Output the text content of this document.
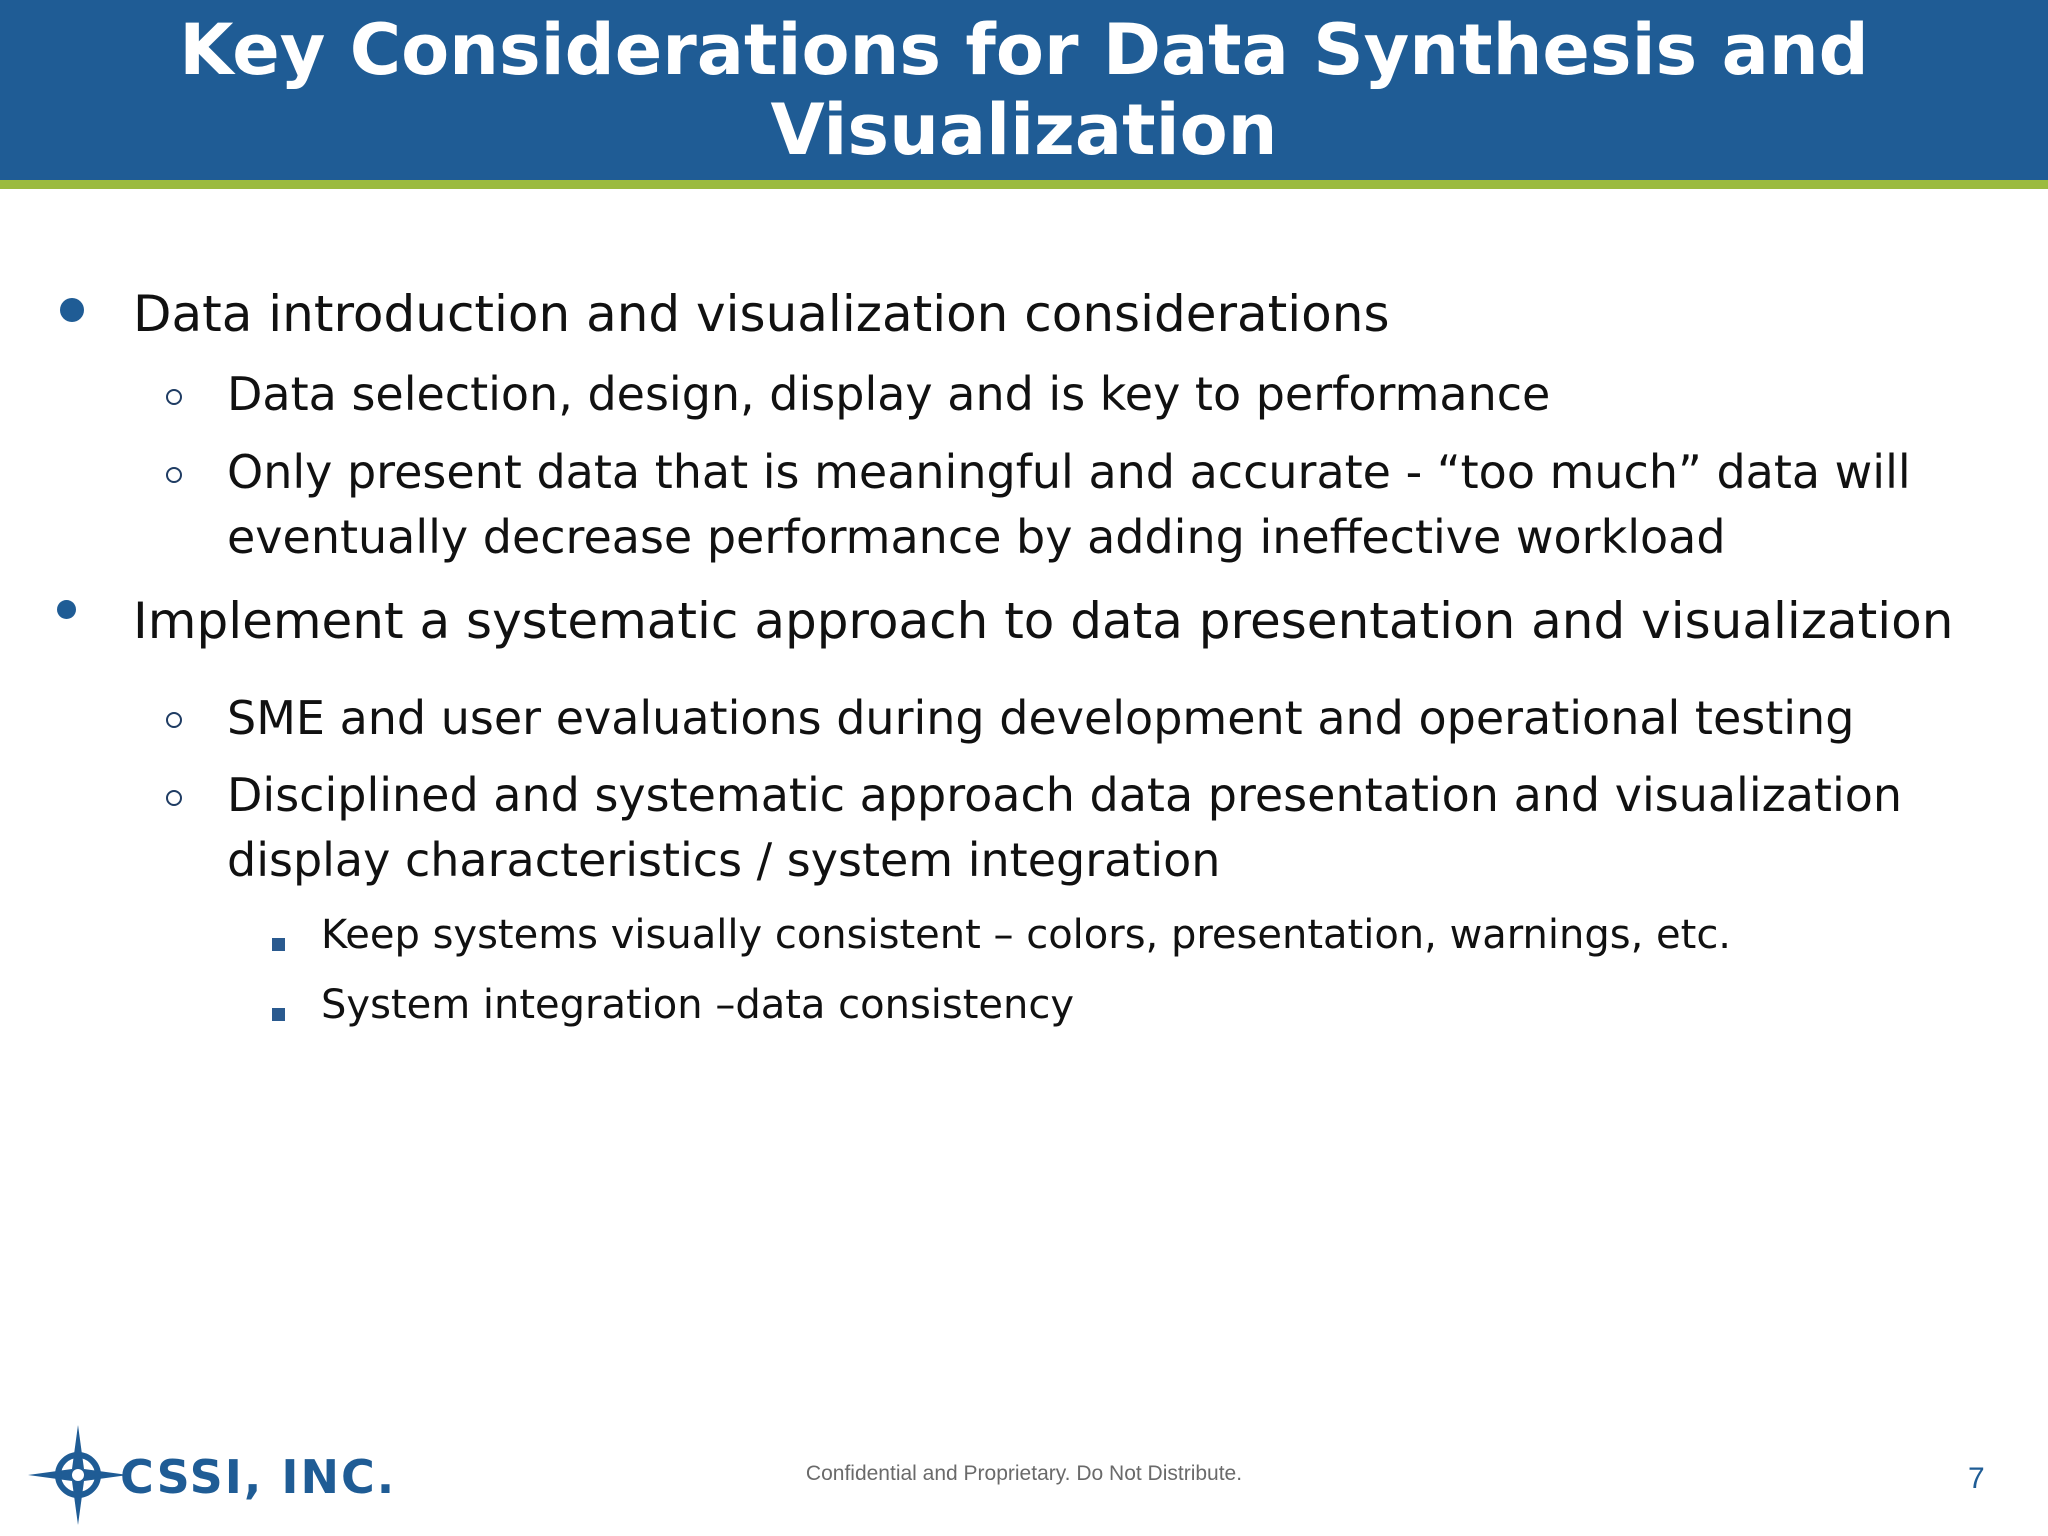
Key Considerations for Data Synthesis and Visualization
Data introduction and visualization considerations
Data selection, design, display and is key to performance
Only present data that is meaningful and accurate - “too much” data will eventually decrease performance by adding ineffective workload
Implement a systematic approach to data presentation and visualization
SME and user evaluations during development and operational testing
Disciplined and systematic approach data presentation and visualization display characteristics / system integration
Keep systems visually consistent – colors, presentation, warnings, etc.
System integration –data consistency
CSSI, INC.	Confidential and Proprietary. Do Not Distribute.	7
